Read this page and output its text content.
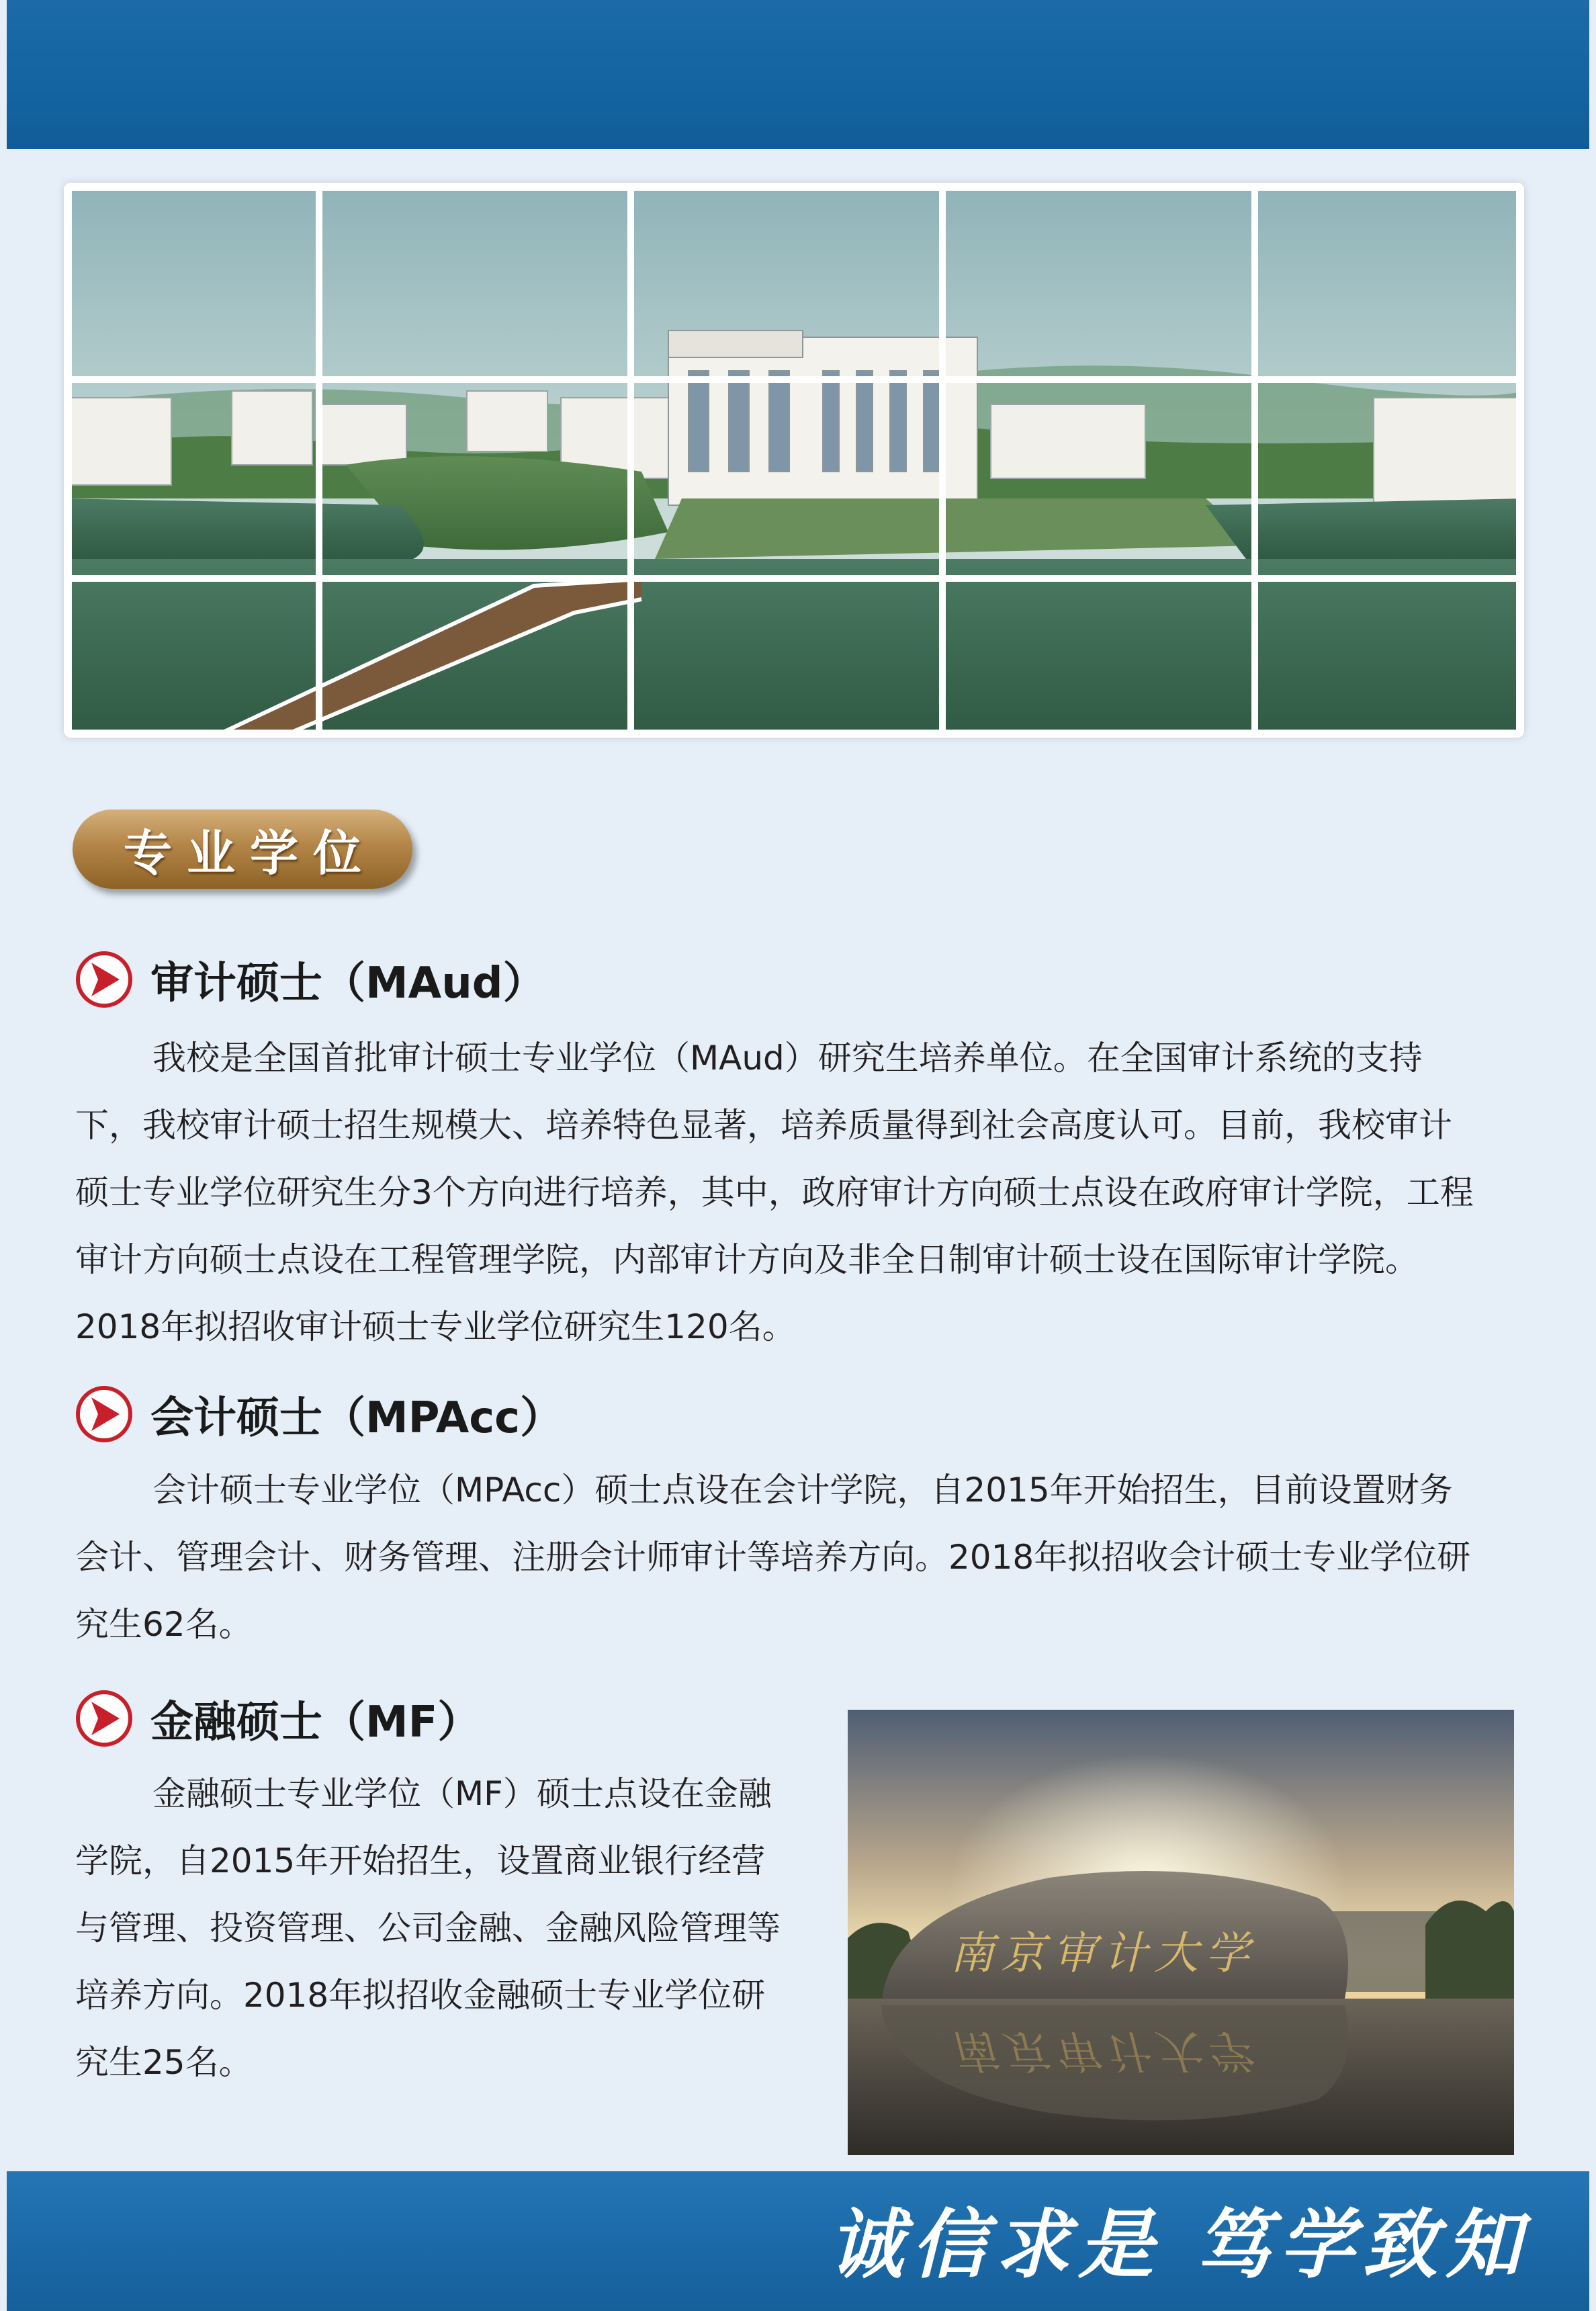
专业学位
审计硕士（MAud）

我校是全国首批审计硕士专业学位（MAud）研究生培养单位。在全国审计系统的支持
下，我校审计硕士招生规模大、培养特色显著，培养质量得到社会高度认可。目前，我校审计
硕士专业学位研究生分3个方向进行培养，其中，政府审计方向硕士点设在政府审计学院，工程
审计方向硕士点设在工程管理学院，内部审计方向及非全日制审计硕士设在国际审计学院。
2018年拟招收审计硕士专业学位研究生120名。

会计硕士（MPAcc）

会计硕士专业学位（MPAcc）硕士点设在会计学院，自2015年开始招生，目前设置财务
会计、管理会计、财务管理、注册会计师审计等培养方向。2018年拟招收会计硕士专业学位研
究生62名。

金融硕士（MF）

金融硕士专业学位（MF）硕士点设在金融
学院，自2015年开始招生，设置商业银行经营
与管理、投资管理、公司金融、金融风险管理等
培养方向。2018年拟招收金融硕士专业学位研
究生25名。

南京审计大学
南京审计大学
诚信求是 笃学致知
